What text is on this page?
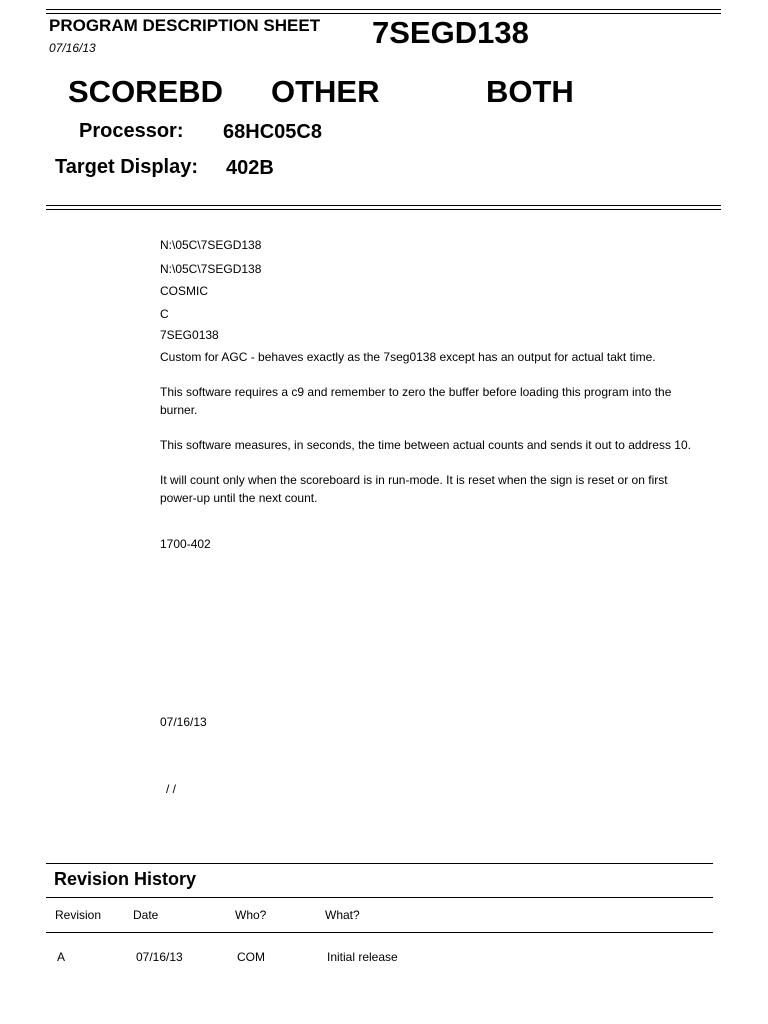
PROGRAM DESCRIPTION SHEET
07/16/13	7SEGD138
SCOREBD OTHER	BOTH
Processor: 68HC05C8
Target Display: 402B
N:\05C\7SEGD138
N:\05C\7SEGD138
COSMIC
C
7SEG0138

Custom for AGC - behaves exactly as the 7seg0138 except has an output for actual takt time.

This software requires a c9 and remember to zero the buffer before loading this program into the burner.

This software measures, in seconds, the time between actual counts and sends it out to address 10.

It will count only when the scoreboard is in run-mode. It is reset when the sign is reset or on first power-up until the next count.

1700-402
07/16/13
/ /
Revision History
Revision	Date	Who?	What?
A	07/16/13	COM	Initial release
